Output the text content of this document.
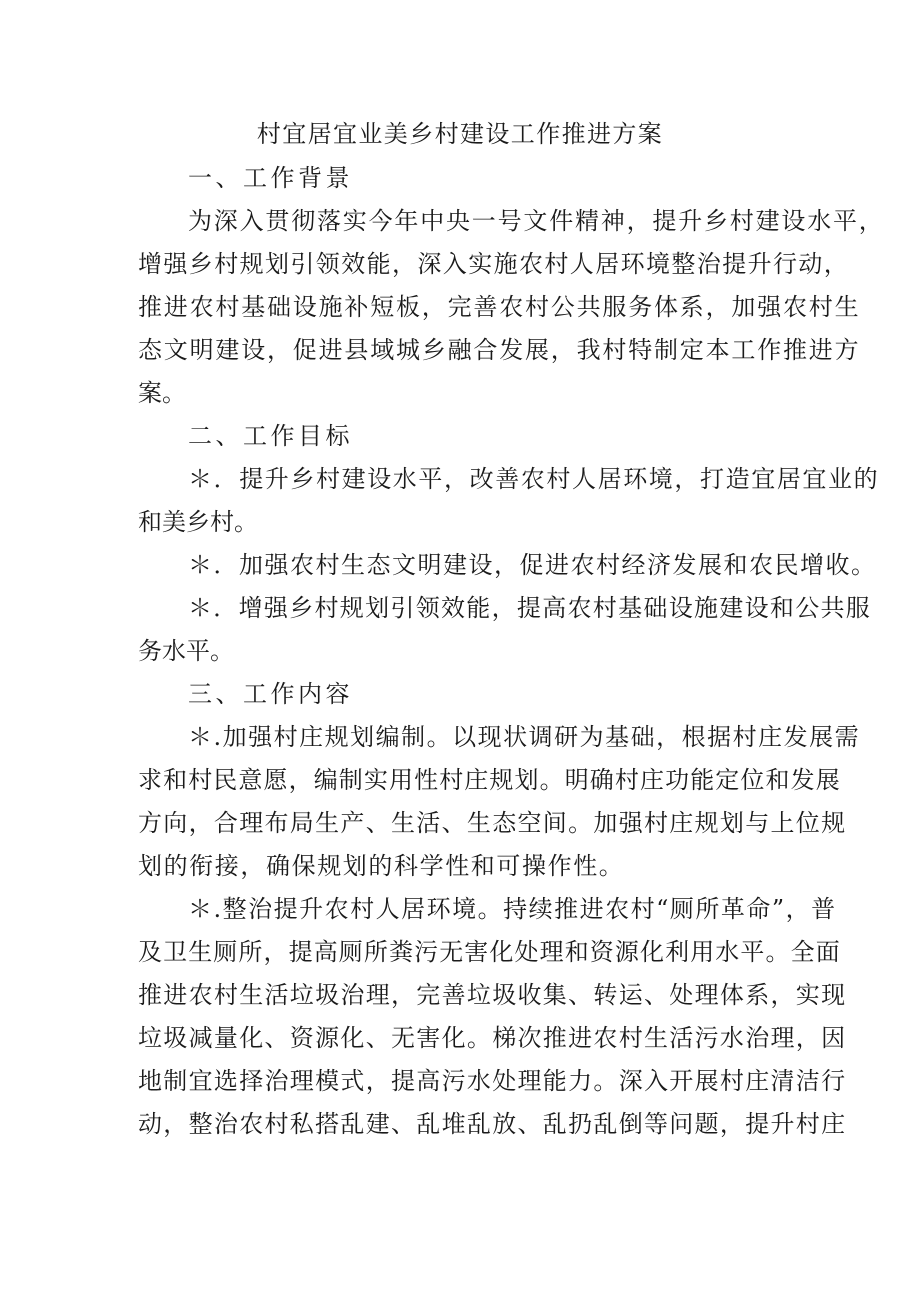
村宜居宜业美乡村建设工作推进方案
一、工作背景
为深入贯彻落实今年中央一号文件精神，提升乡村建设水平，
增强乡村规划引领效能，深入实施农村人居环境整治提升行动，
推进农村基础设施补短板，完善农村公共服务体系，加强农村生
态文明建设，促进县域城乡融合发展，我村特制定本工作推进方
案。
二、工作目标
＊．提升乡村建设水平，改善农村人居环境，打造宜居宜业的
和美乡村。
＊．加强农村生态文明建设，促进农村经济发展和农民增收。
＊．增强乡村规划引领效能，提高农村基础设施建设和公共服
务水平。
三、工作内容
＊.加强村庄规划编制。以现状调研为基础，根据村庄发展需
求和村民意愿，编制实用性村庄规划。明确村庄功能定位和发展
方向，合理布局生产、生活、生态空间。加强村庄规划与上位规
划的衔接，确保规划的科学性和可操作性。
＊.整治提升农村人居环境。持续推进农村“厕所革命”，普
及卫生厕所，提高厕所粪污无害化处理和资源化利用水平。全面
推进农村生活垃圾治理，完善垃圾收集、转运、处理体系，实现
垃圾减量化、资源化、无害化。梯次推进农村生活污水治理，因
地制宜选择治理模式，提高污水处理能力。深入开展村庄清洁行
动，整治农村私搭乱建、乱堆乱放、乱扔乱倒等问题，提升村庄
